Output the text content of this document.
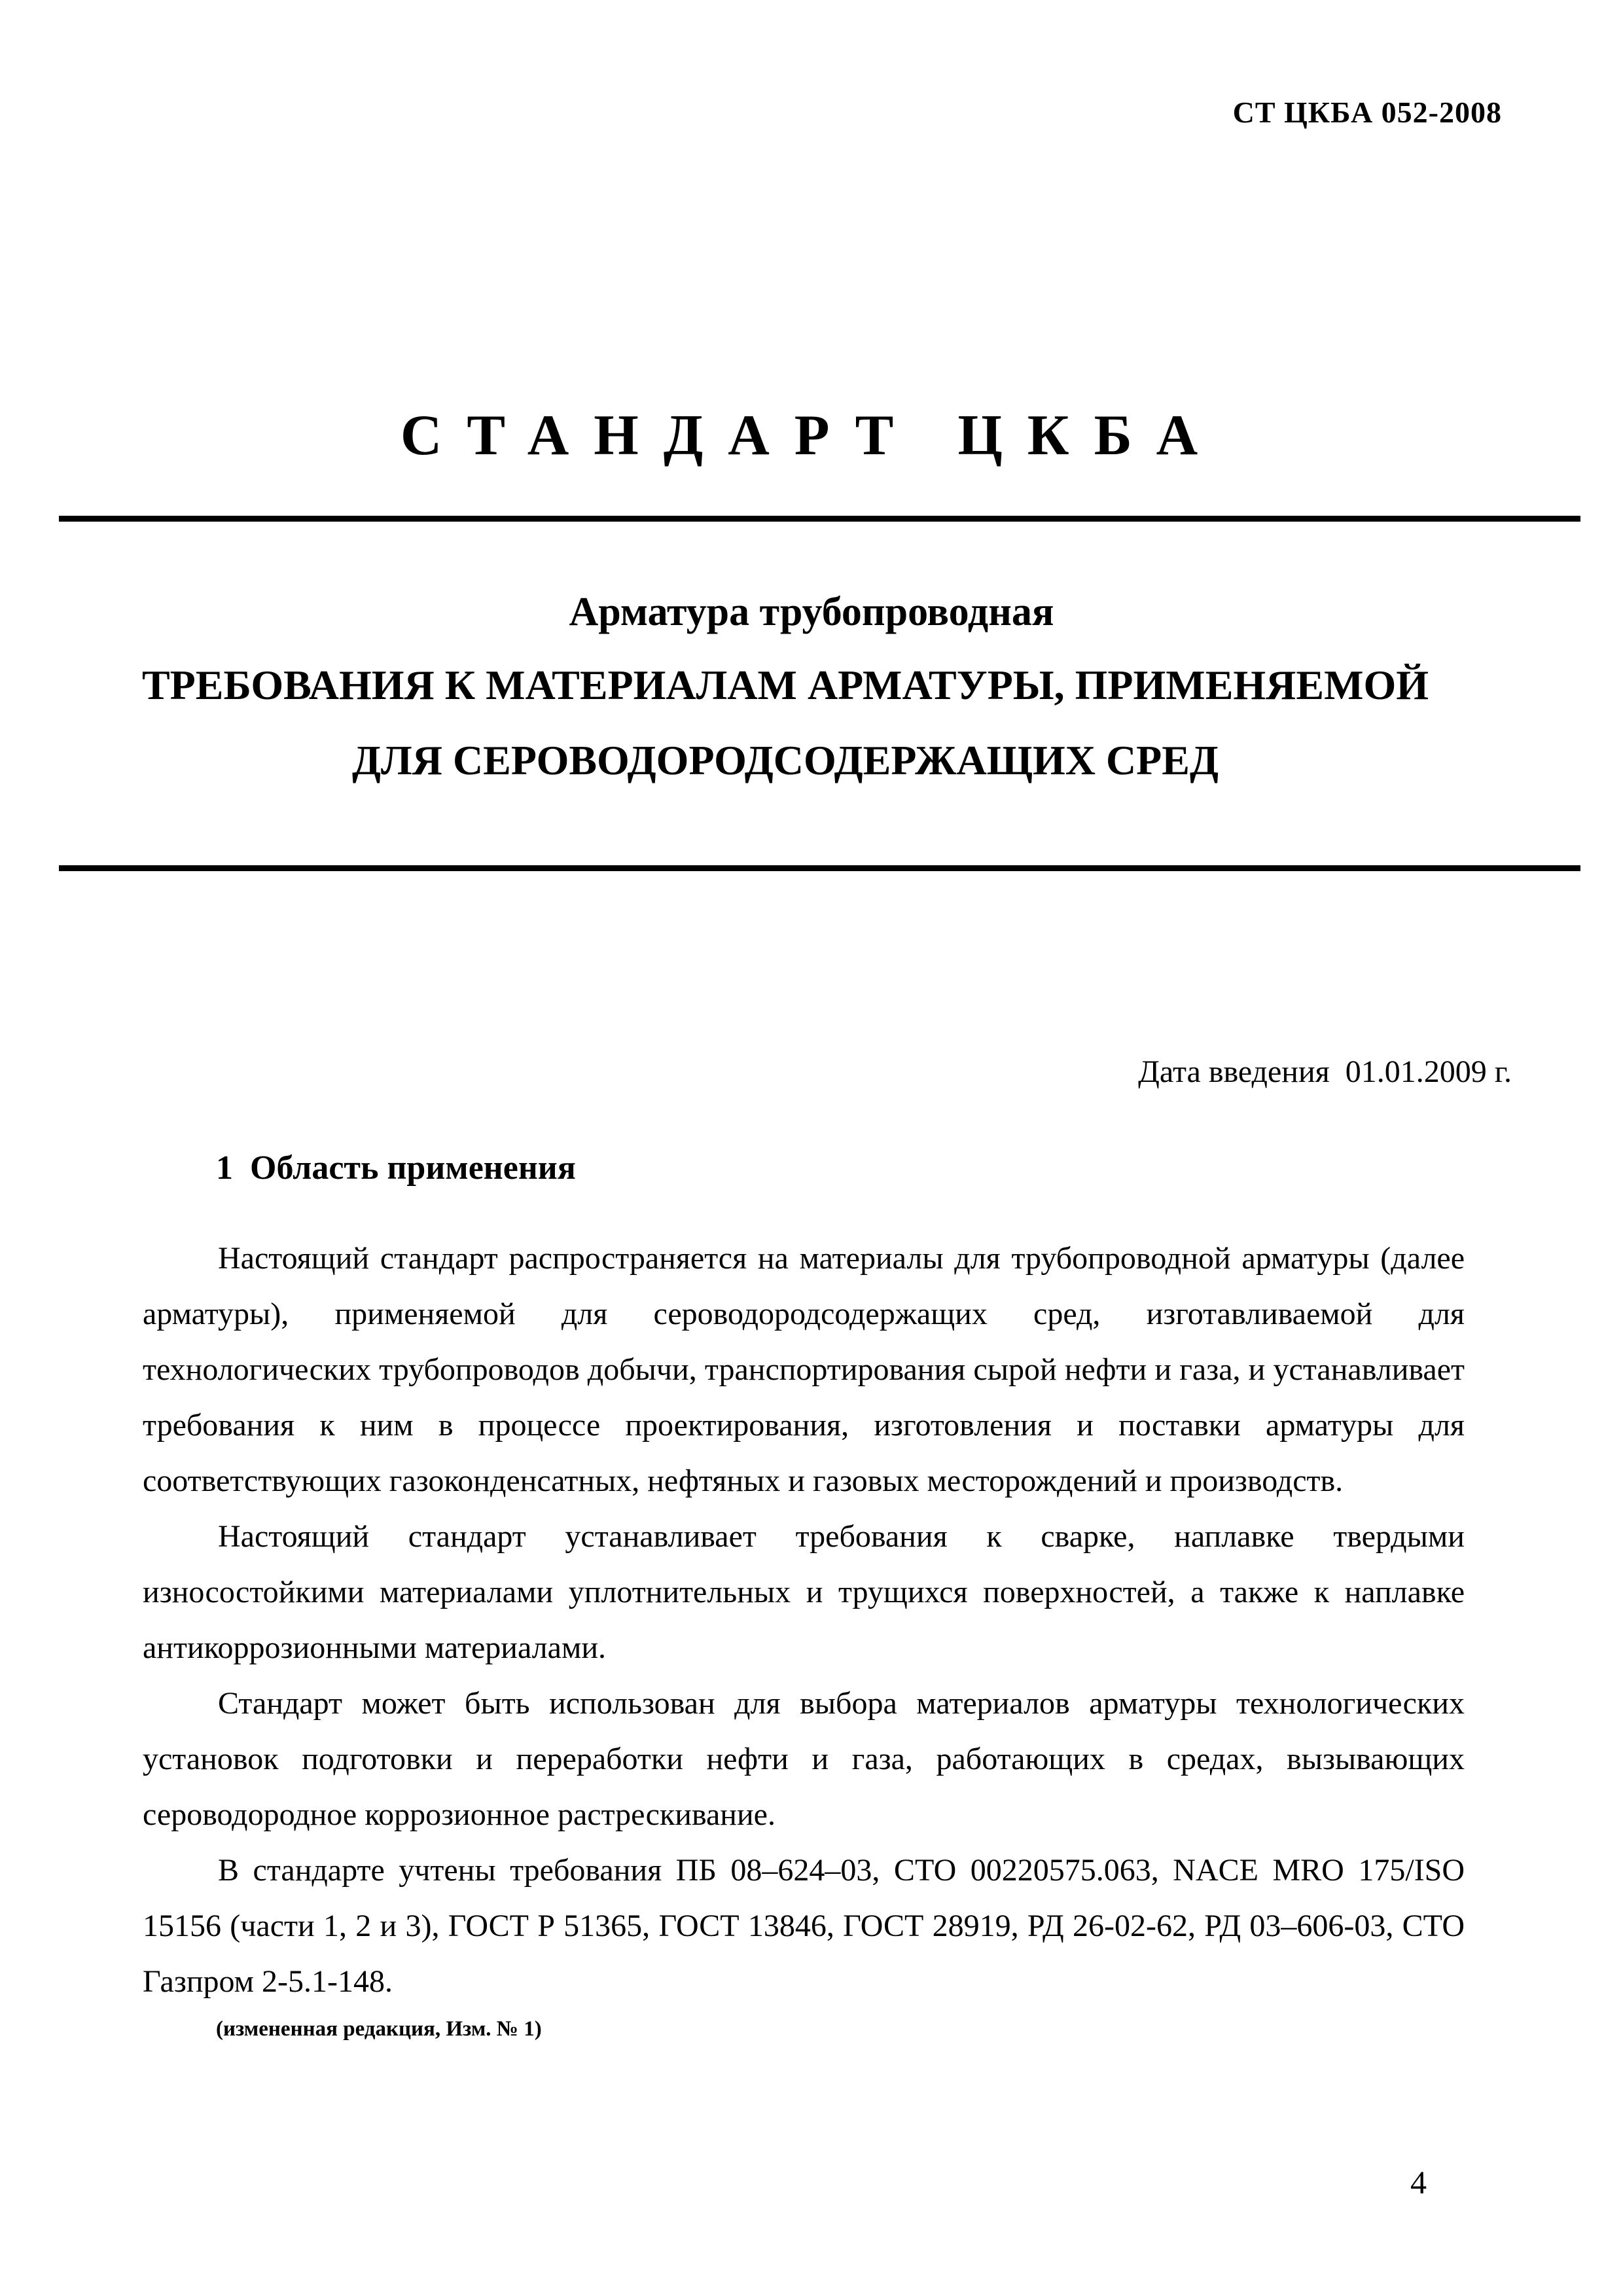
СТ ЦКБА 052-2008
СТАНДАРТ ЦКБА
Арматура трубопроводная
ТРЕБОВАНИЯ К МАТЕРИАЛАМ АРМАТУРЫ, ПРИМЕНЯЕМОЙ
ДЛЯ СЕРОВОДОРОДСОДЕРЖАЩИХ СРЕД
Дата введения  01.01.2009 г.
1  Область применения

Настоящий стандарт распространяется на материалы для трубопроводной арматуры (далее арматуры), применяемой для сероводородсодержащих сред, изготавливаемой для технологических трубопроводов добычи, транспортирования сырой нефти и газа, и устанавливает требования к ним в процессе проектирования, изготовления и поставки арматуры для соответствующих газоконденсатных, нефтяных и газовых месторождений и производств.

Настоящий стандарт устанавливает требования к сварке, наплавке твердыми износостойкими материалами уплотнительных и трущихся поверхностей, а также к наплавке антикоррозионными материалами.

Стандарт может быть использован для выбора материалов арматуры технологических установок подготовки и переработки нефти и газа, работающих в средах, вызывающих сероводородное коррозионное растрескивание.

В стандарте учтены требования ПБ 08–624–03, СТО 00220575.063, NACE MRO 175/ISO 15156 (части 1, 2 и 3), ГОСТ Р 51365, ГОСТ 13846, ГОСТ 28919, РД 26-02-62, РД 03–606-03, СТО Газпром 2-5.1-148.

(измененная редакция, Изм. № 1)
4
